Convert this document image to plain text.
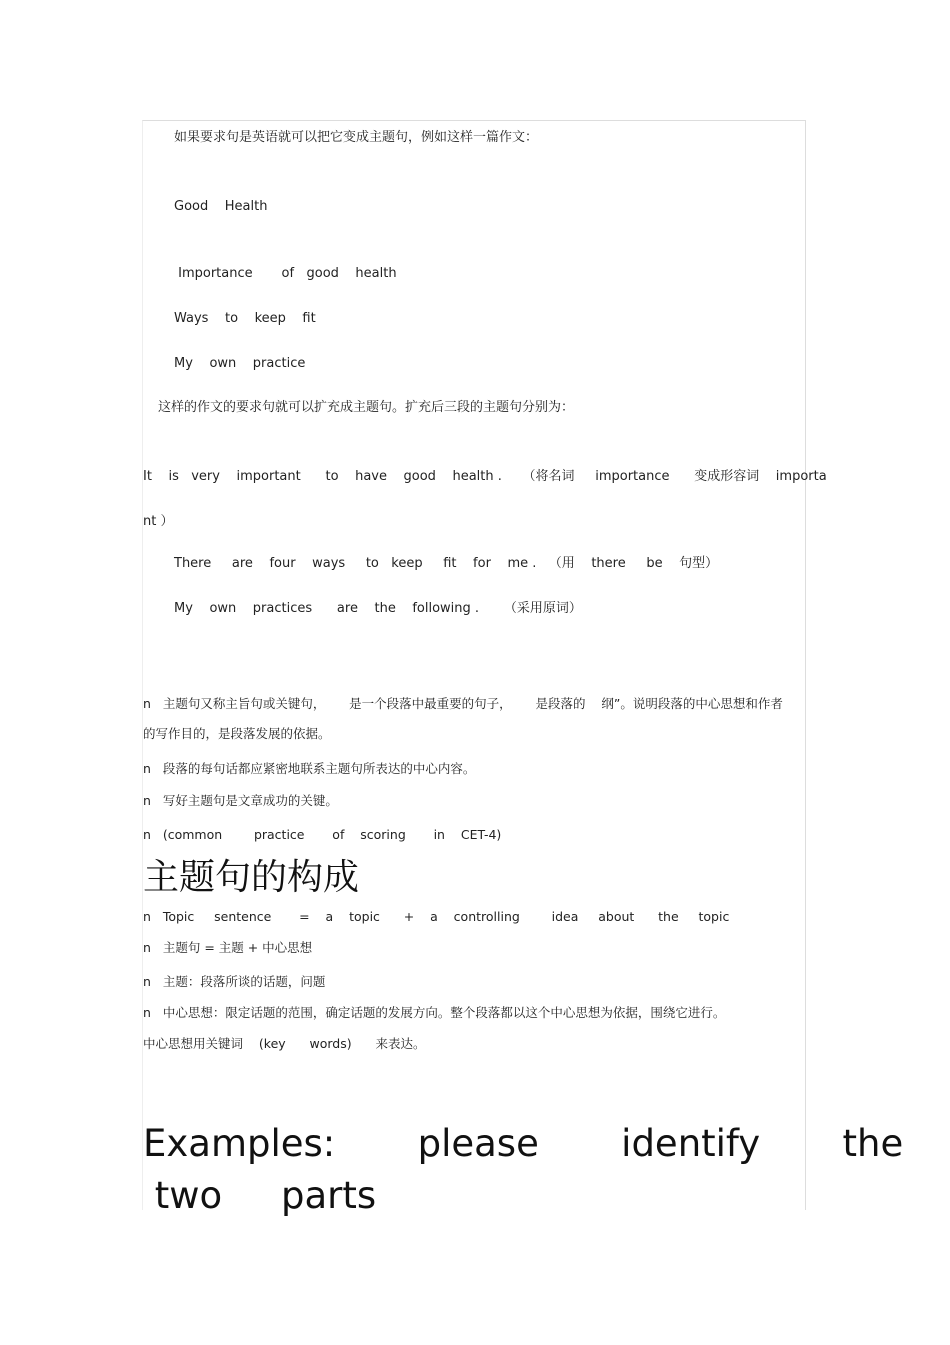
如果要求句是英语就可以把它变成主题句，例如这样一篇作文：
Good    Health
Importance       of   good    health
Ways    to    keep    fit
My    own    practice
这样的作文的要求句就可以扩充成主题句。扩充后三段的主题句分别为：
It    is   very    important      to    have    good    health .     （将名词     importance      变成形容词    importa
nt ）
There     are    four    ways     to   keep     fit    for    me .   （用    there     be    句型）
My    own    practices      are    the    following .      （采用原词）
n   主题句又称主旨句或关键句，      是一个段落中最重要的句子，      是段落的    纲”。说明段落的中心思想和作者
的写作目的，是段落发展的依据。
n   段落的每句话都应紧密地联系主题句所表达的中心内容。
n   写好主题句是文章成功的关键。
n   (common        practice       of    scoring       in    CET-4)
主题句的构成
n   Topic     sentence       =    a    topic      +    a    controlling        idea     about      the     topic
n   主题句 = 主题 + 中心思想
n   主题：段落所谈的话题，问题
n   中心思想：限定话题的范围，确定话题的发展方向。整个段落都以这个中心思想为依据，围绕它进行。
中心思想用关键词    (key      words)      来表达。
Examples:       please       identify       the
two     parts
